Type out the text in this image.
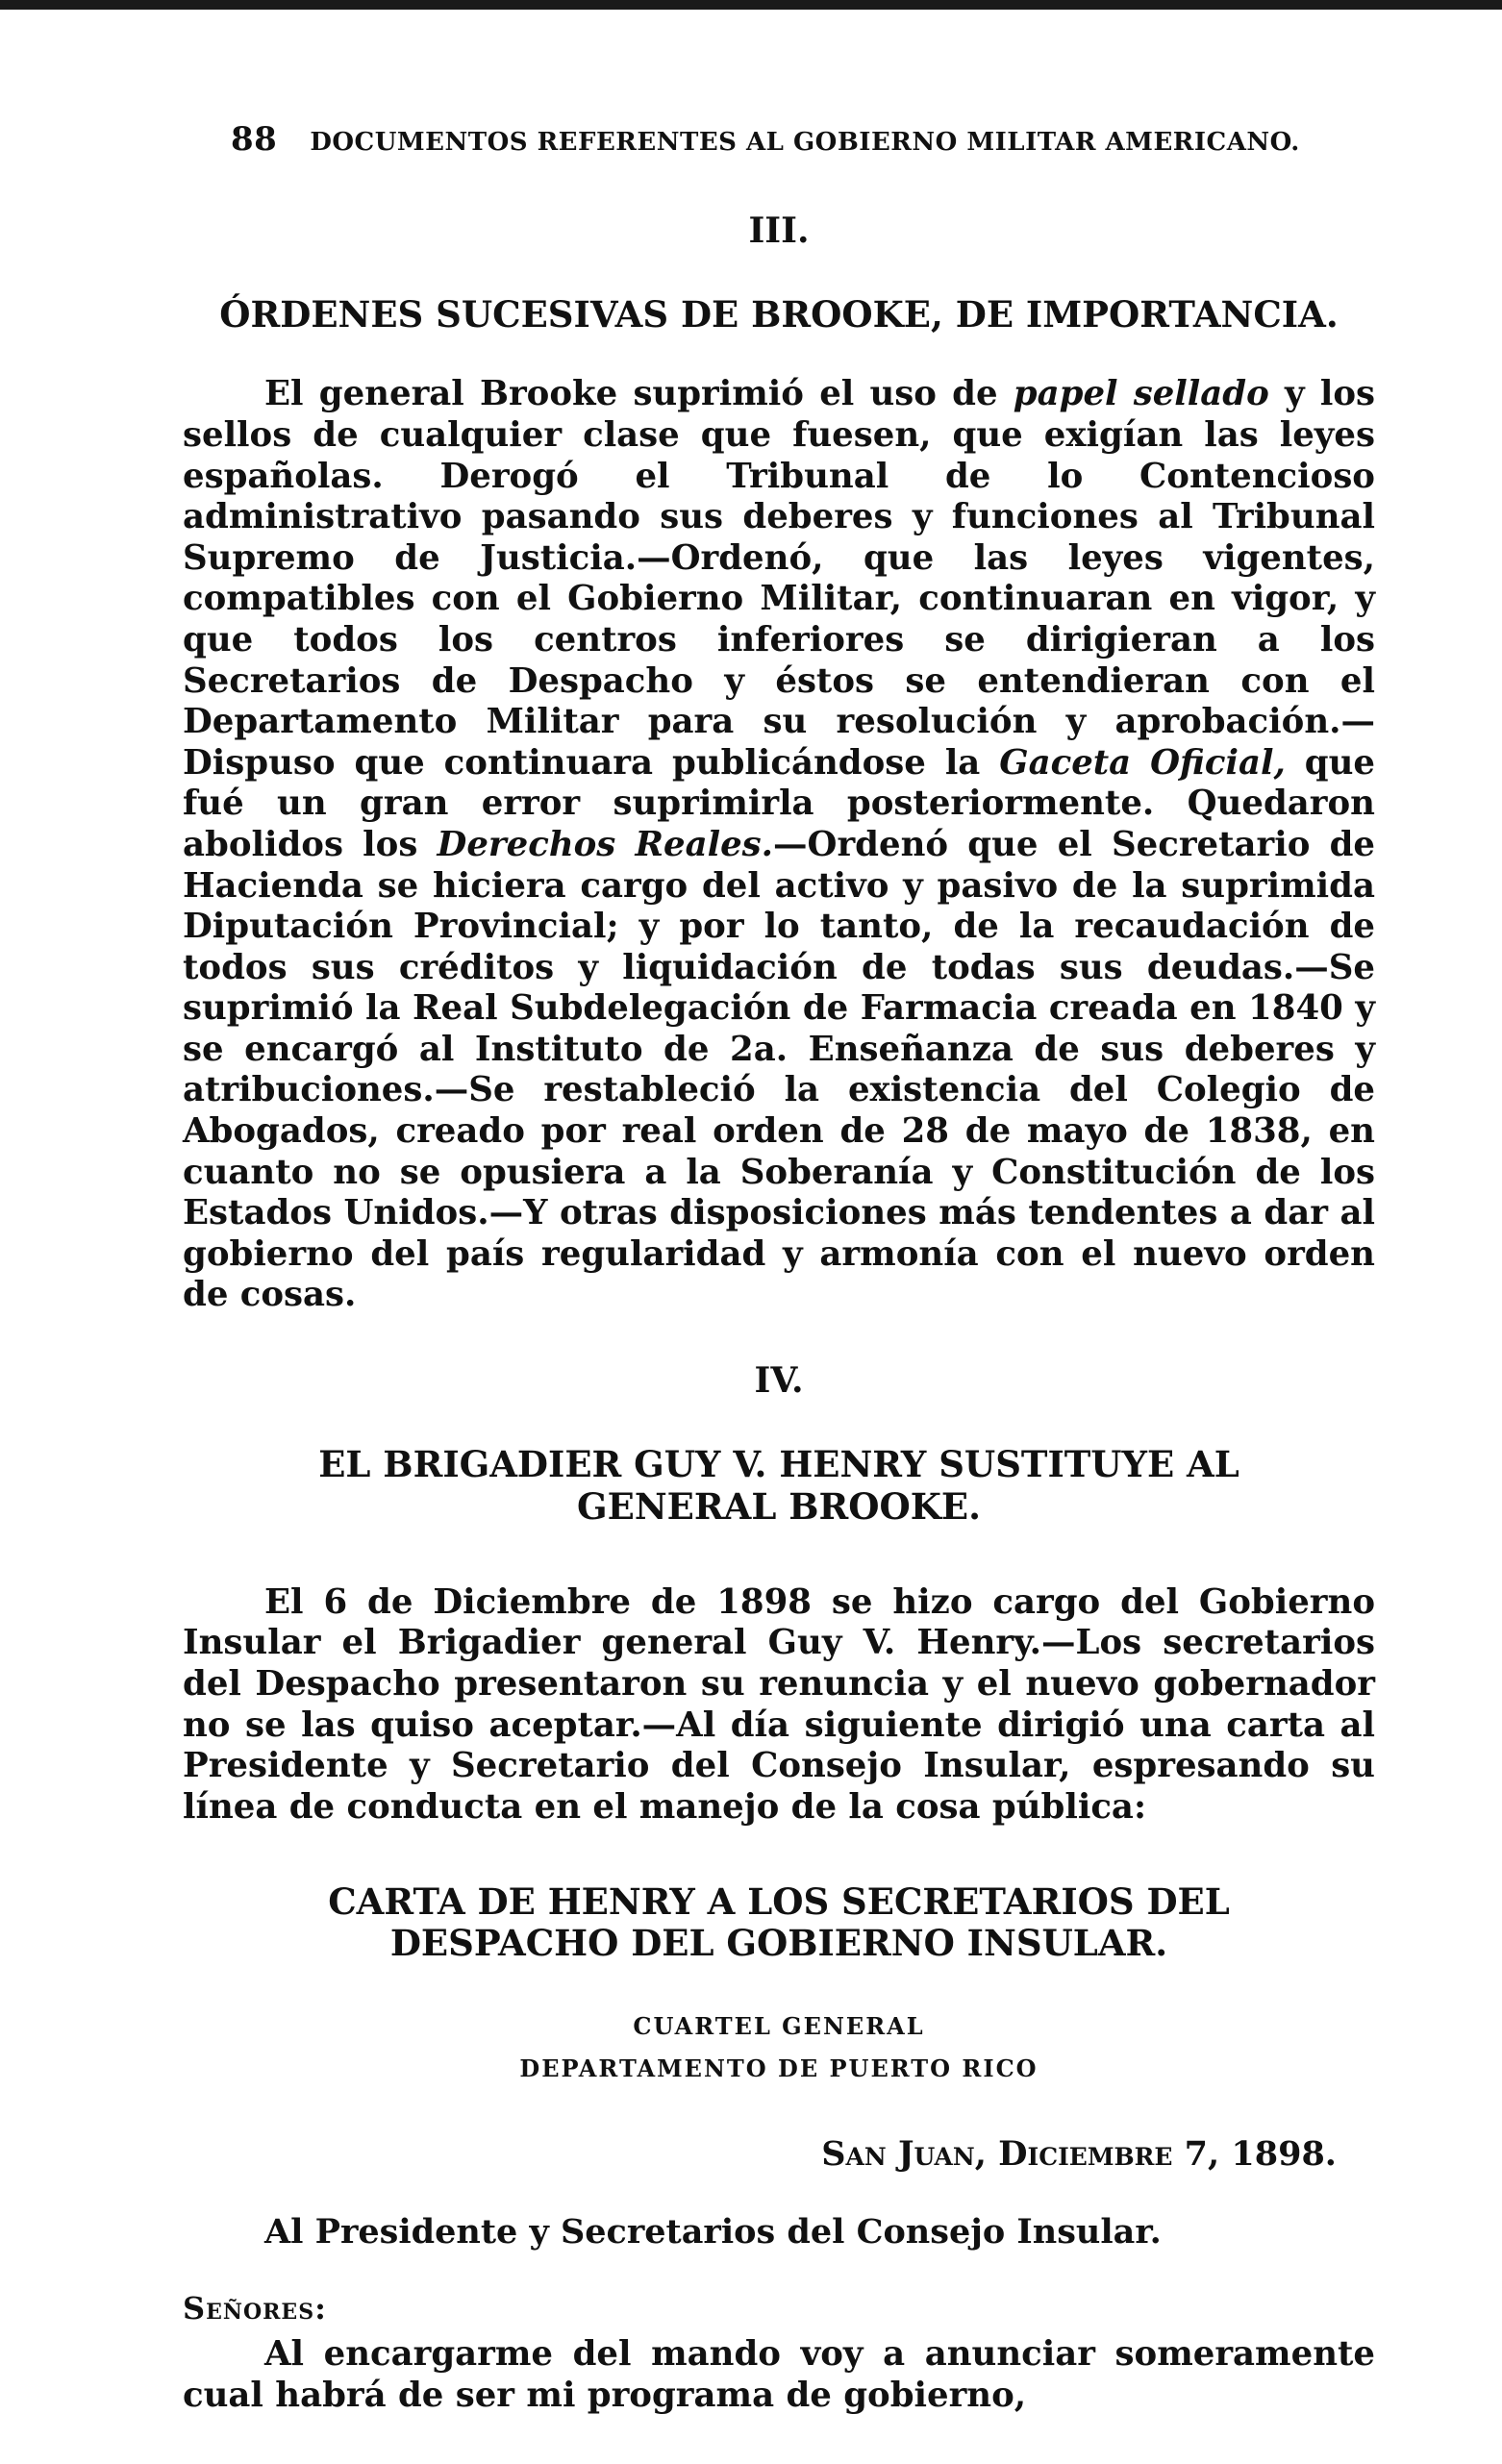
88 DOCUMENTOS REFERENTES AL GOBIERNO MILITAR AMERICANO.
III.
ÓRDENES SUCESIVAS DE BROOKE, DE IMPORTANCIA.

El general Brooke suprimió el uso de papel sellado y los sellos de cualquier clase que fuesen, que exigían las leyes españolas. Derogó el Tribunal de lo Contencioso administrativo pasando sus deberes y funciones al Tribunal Supremo de Justicia.—Ordenó, que las leyes vigentes, compatibles con el Gobierno Militar, continuaran en vigor, y que todos los centros inferiores se dirigieran a los Secretarios de Despacho y éstos se entendieran con el Departamento Militar para su resolución y aprobación.—Dispuso que continuara publicándose la Gaceta Oficial, que fué un gran error suprimirla posteriormente. Quedaron abolidos los Derechos Reales.—Ordenó que el Secretario de Hacienda se hiciera cargo del activo y pasivo de la suprimida Diputación Provincial; y por lo tanto, de la recaudación de todos sus créditos y liquidación de todas sus deudas.—Se suprimió la Real Subdelegación de Farmacia creada en 1840 y se encargó al Instituto de 2a. Enseñanza de sus deberes y atribuciones.—Se restableció la existencia del Colegio de Abogados, creado por real orden de 28 de mayo de 1838, en cuanto no se opusiera a la Soberanía y Constitución de los Estados Unidos.—Y otras disposiciones más tendentes a dar al gobierno del país regularidad y armonía con el nuevo orden de cosas.

IV.
EL BRIGADIER GUY V. HENRY SUSTITUYE AL
GENERAL BROOKE.

El 6 de Diciembre de 1898 se hizo cargo del Gobierno Insular el Brigadier general Guy V. Henry.—Los secretarios del Despacho presentaron su renuncia y el nuevo gobernador no se las quiso aceptar.—Al día siguiente dirigió una carta al Presidente y Secretario del Consejo Insular, espresando su línea de conducta en el manejo de la cosa pública:

CARTA DE HENRY A LOS SECRETARIOS DEL
DESPACHO DEL GOBIERNO INSULAR.
CUARTEL GENERAL
DEPARTAMENTO DE PUERTO RICO
San Juan, Diciembre 7, 1898.
Al Presidente y Secretarios del Consejo Insular.
Señores:

Al encargarme del mando voy a anunciar someramente cual habrá de ser mi programa de gobierno,
